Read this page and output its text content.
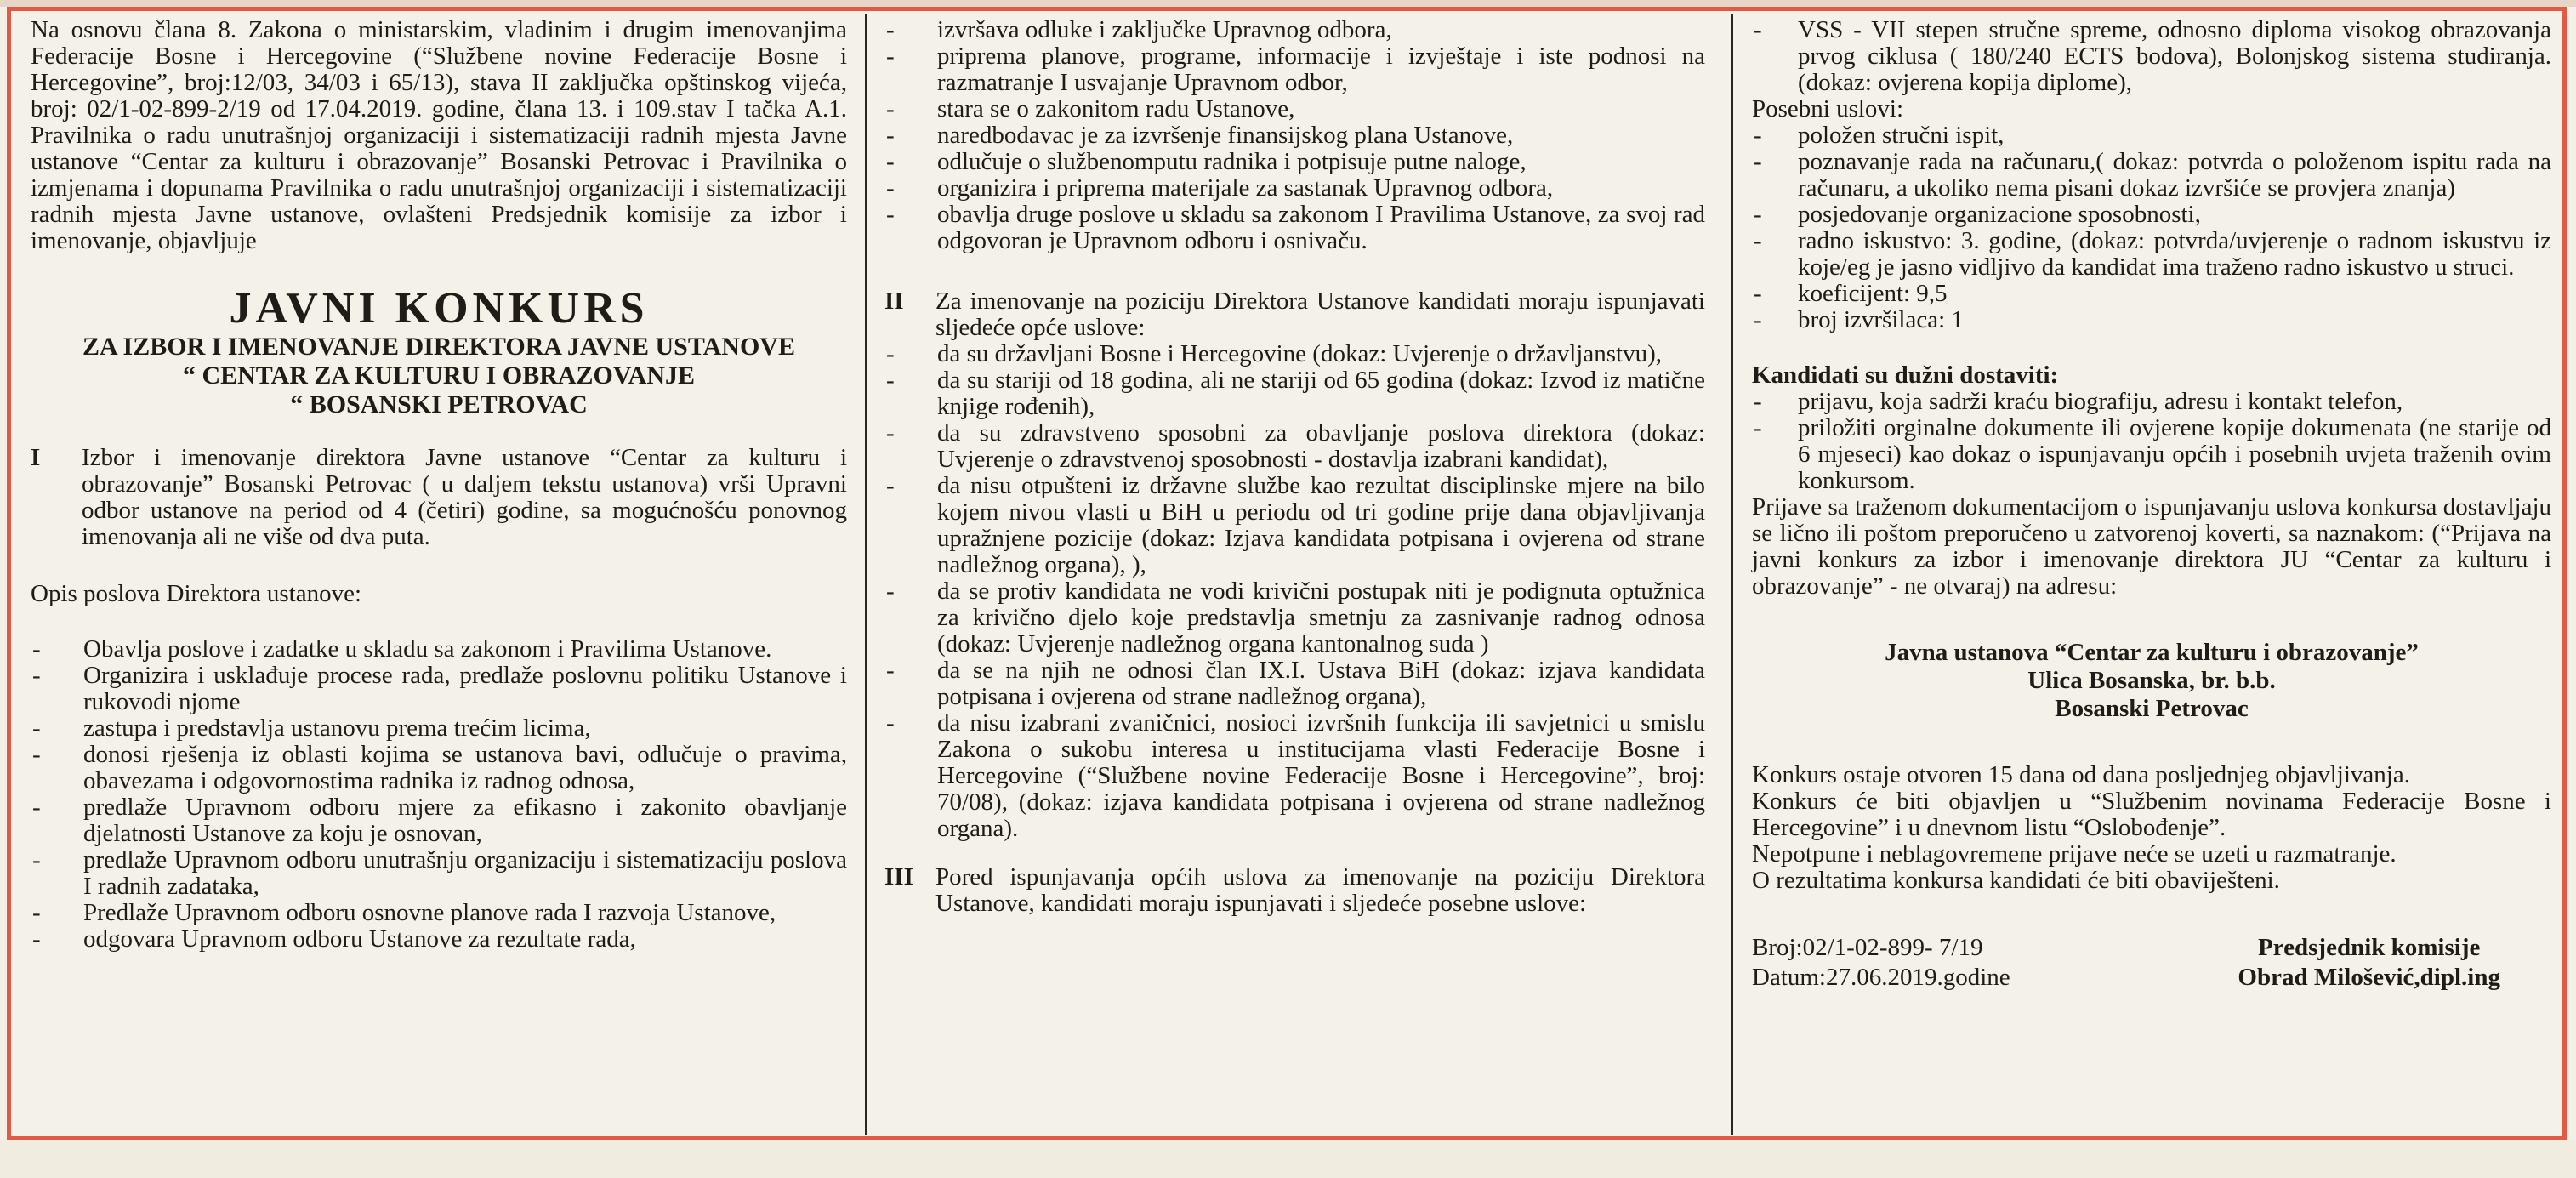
Na osnovu člana 8. Zakona o ministarskim, vladinim i drugim imenovanjima Federacije Bosne i Hercegovine (“Službene novine Federacije Bosne i Hercegovine”, broj:12/03, 34/03 i 65/13), stava II zaključka opštinskog vijeća, broj: 02/1-02-899-2/19 od 17.04.2019. godine, člana 13. i 109.stav I tačka A.1. Pravilnika o radu unutrašnjoj organizaciji i sistematizaciji radnih mjesta Javne ustanove “Centar za kulturu i obrazovanje” Bosanski Petrovac i Pravilnika o izmjenama i dopunama Pravilnika o radu unutrašnjoj organizaciji i sistematizaciji radnih mjesta Javne ustanove, ovlašteni Predsjednik komisije za izbor i imenovanje, objavljuje

JAVNI KONKURS
ZA IZBOR I IMENOVANJE DIREKTORA JAVNE USTANOVE
“ CENTAR ZA KULTURU I OBRAZOVANJE
“ BOSANSKI PETROVAC
I	Izbor i imenovanje direktora Javne ustanove “Centar za kulturu i obrazovanje” Bosanski Petrovac ( u daljem tekstu ustanova) vrši Upravni odbor ustanove na period od 4 (četiri) godine, sa mogućnošću ponovnog imenovanja ali ne više od dva puta.

Opis poslova Direktora ustanove:

- Obavlja poslove i zadatke u skladu sa zakonom i Pravilima Ustanove.
- Organizira i usklađuje procese rada, predlaže poslovnu politiku Ustanove i rukovodi njome
- zastupa i predstavlja ustanovu prema trećim licima,
- donosi rješenja iz oblasti kojima se ustanova bavi, odlučuje o pravima, obavezama i odgovornostima radnika iz radnog odnosa,
- predlaže Upravnom odboru mjere za efikasno i zakonito obavljanje djelatnosti Ustanove za koju je osnovan,
- predlaže Upravnom odboru unutrašnju organizaciju i sistematizaciju poslova I radnih zadataka,
- Predlaže Upravnom odboru osnovne planove rada I razvoja Ustanove,
- odgovara Upravnom odboru Ustanove za rezultate rada,
- izvršava odluke i zaključke Upravnog odbora,
- priprema planove, programe, informacije i izvještaje i iste podnosi na razmatranje I usvajanje Upravnom odbor,
- stara se o zakonitom radu Ustanove,
- naredbodavac je za izvršenje finansijskog plana Ustanove,
- odlučuje o službenomputu radnika i potpisuje putne naloge,
- organizira i priprema materijale za sastanak Upravnog odbora,
- obavlja druge poslove u skladu sa zakonom I Pravilima Ustanove, za svoj rad odgovoran je Upravnom odboru i osnivaču.
II	Za imenovanje na poziciju Direktora Ustanove kandidati moraju ispunjavati sljedeće opće uslove:
- da su državljani Bosne i Hercegovine (dokaz: Uvjerenje o državljanstvu),
- da su stariji od 18 godina, ali ne stariji od 65 godina (dokaz: Izvod iz matične knjige rođenih),
- da su zdravstveno sposobni za obavljanje poslova direktora (dokaz: Uvjerenje o zdravstvenoj sposobnosti - dostavlja izabrani kandidat),
- da nisu otpušteni iz državne službe kao rezultat disciplinske mjere na bilo kojem nivou vlasti u BiH u periodu od tri godine prije dana objavljivanja upražnjene pozicije (dokaz: Izjava kandidata potpisana i ovjerena od strane nadležnog organa), ),
- da se protiv kandidata ne vodi krivični postupak niti je podignuta optužnica za krivično djelo koje predstavlja smetnju za zasnivanje radnog odnosa (dokaz: Uvjerenje nadležnog organa kantonalnog suda )
- da se na njih ne odnosi član IX.I. Ustava BiH (dokaz: izjava kandidata potpisana i ovjerena od strane nadležnog organa),
- da nisu izabrani zvaničnici, nosioci izvršnih funkcija ili savjetnici u smislu Zakona o sukobu interesa u institucijama vlasti Federacije Bosne i Hercegovine (“Službene novine Federacije Bosne i Hercegovine”, broj: 70/08), (dokaz: izjava kandidata potpisana i ovjerena od strane nadležnog organa).
III Pored ispunjavanja općih uslova za imenovanje na poziciju Direktora Ustanove, kandidati moraju ispunjavati i sljedeće posebne uslove:
- VSS - VII stepen stručne spreme, odnosno diploma visokog obrazovanja prvog ciklusa ( 180/240 ECTS bodova), Bolonjskog sistema studiranja. (dokaz: ovjerena kopija diplome),

Posebni uslovi:

- položen stručni ispit,
- poznavanje rada na računaru,( dokaz: potvrda o položenom ispitu rada na računaru, a ukoliko nema pisani dokaz izvršiće se provjera znanja)
- posjedovanje organizacione sposobnosti,
- radno iskustvo: 3. godine, (dokaz: potvrda/uvjerenje o radnom iskustvu iz koje/eg je jasno vidljivo da kandidat ima traženo radno iskustvo u struci.
- koeficijent: 9,5
- broj izvršilaca: 1

Kandidati su dužni dostaviti:

- prijavu, koja sadrži kraću biografiju, adresu i kontakt telefon,
- priložiti orginalne dokumente ili ovjerene kopije dokumenata (ne starije od 6 mjeseci) kao dokaz o ispunjavanju općih i posebnih uvjeta traženih ovim konkursom.

Prijave sa traženom dokumentacijom o ispunjavanju uslova konkursa dostavljaju se lično ili poštom preporučeno u zatvorenoj koverti, sa naznakom: (“Prijava na javni konkurs za izbor i imenovanje direktora JU “Centar za kulturu i obrazovanje” - ne otvaraj) na adresu:

Javna ustanova “Centar za kulturu i obrazovanje”
Ulica Bosanska, br. b.b.
Bosanski Petrovac

Konkurs ostaje otvoren 15 dana od dana posljednjeg objavljivanja.

Konkurs će biti objavljen u “Službenim novinama Federacije Bosne i Hercegovine” i u dnevnom listu “Oslobođenje”.

Nepotpune i neblagovremene prijave neće se uzeti u razmatranje.

O rezultatima konkursa kandidati će biti obaviješteni.

Broj:02/1-02-899- 7/19
Datum:27.06.2019.godine
Predsjednik komisije
Obrad Milošević,dipl.ing
